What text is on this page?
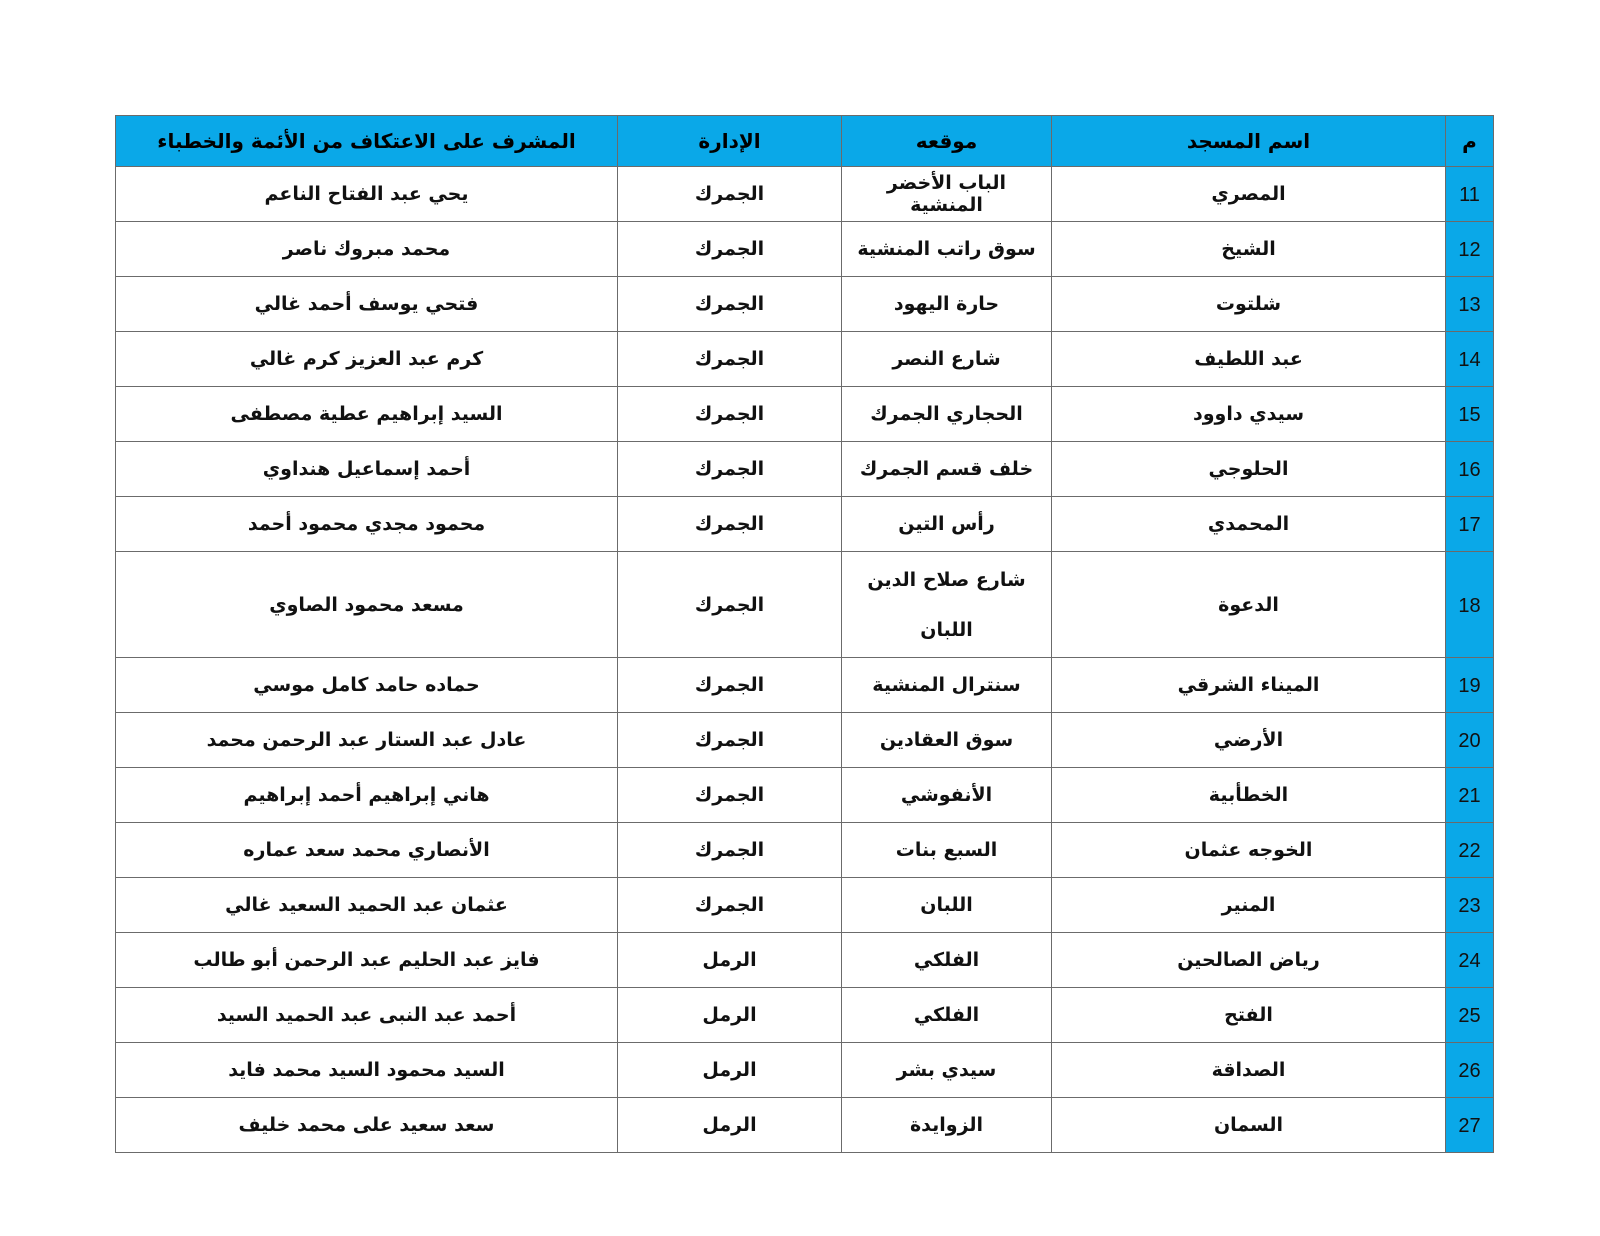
م	اسم المسجد	موقعه	الإدارة	المشرف على الاعتكاف من الأئمة والخطباء
11	المصري	الباب الأخضر المنشية	الجمرك	يحي عبد الفتاح الناعم
12	الشيخ	سوق راتب المنشية	الجمرك	محمد مبروك ناصر
13	شلتوت	حارة اليهود	الجمرك	فتحي يوسف أحمد غالي
14	عبد اللطيف	شارع النصر	الجمرك	كرم عبد العزيز كرم غالي
15	سيدي داوود	الحجاري الجمرك	الجمرك	السيد إبراهيم عطية مصطفى
16	الحلوجي	خلف قسم الجمرك	الجمرك	أحمد إسماعيل هنداوي
17	المحمدي	رأس التين	الجمرك	محمود مجدي محمود أحمد
18	الدعوة	شارع صلاح الدين اللبان	الجمرك	مسعد محمود الصاوي
19	الميناء الشرقي	سنترال المنشية	الجمرك	حماده حامد كامل موسي
20	الأرضي	سوق العقادين	الجمرك	عادل عبد الستار عبد الرحمن محمد
21	الخطأبية	الأنفوشي	الجمرك	هاني إبراهيم أحمد إبراهيم
22	الخوجه عثمان	السبع بنات	الجمرك	الأنصاري محمد سعد عماره
23	المنير	اللبان	الجمرك	عثمان عبد الحميد السعيد غالي
24	رياض الصالحين	الفلكي	الرمل	فايز عبد الحليم عبد الرحمن أبو طالب
25	الفتح	الفلكي	الرمل	أحمد عبد النبى عبد الحميد السيد
26	الصداقة	سيدي بشر	الرمل	السيد محمود السيد محمد فايد
27	السمان	الزوايدة	الرمل	سعد سعيد على محمد خليف
